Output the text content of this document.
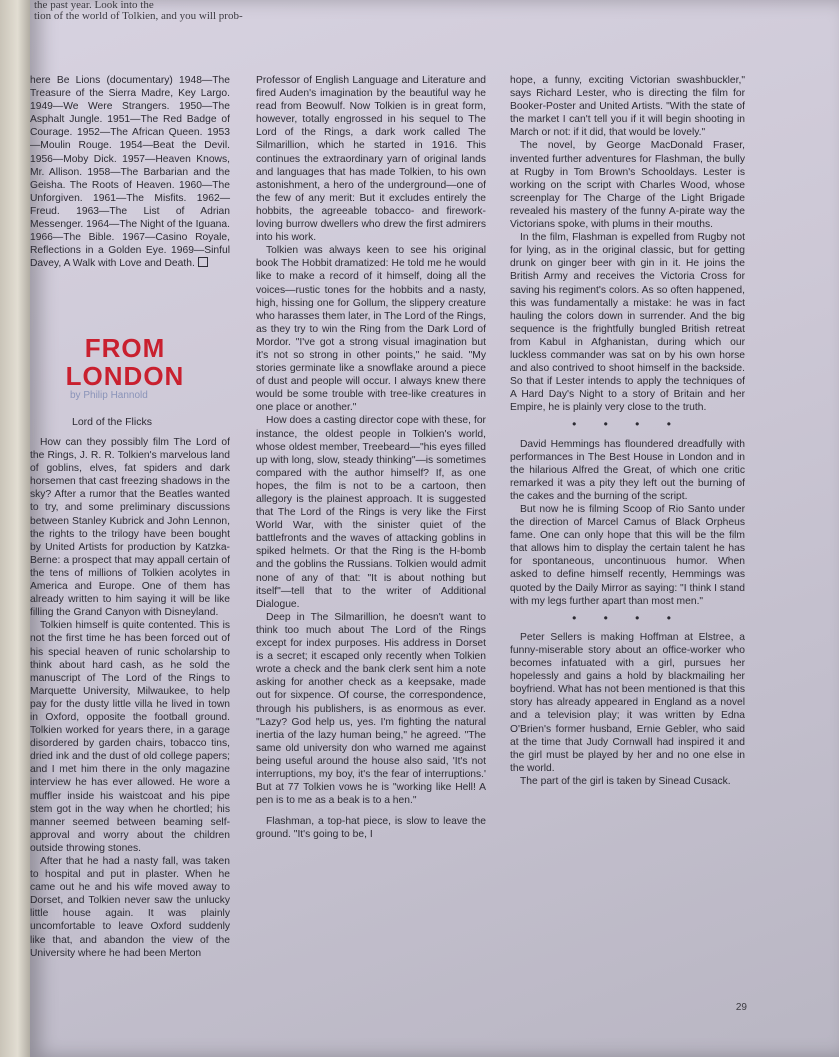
the past year. Look into the
tion of the world of Tolkien, and you will prob-

here Be Lions (documentary) 1948—The Treasure of the Sierra Madre, Key Largo. 1949—We Were Strangers. 1950—The Asphalt Jungle. 1951—The Red Badge of Courage. 1952—The African Queen. 1953—Moulin Rouge. 1954—Beat the Devil. 1956—Moby Dick. 1957—Heaven Knows, Mr. Allison. 1958—The Barbarian and the Geisha. The Roots of Heaven. 1960—The Unforgiven. 1961—The Misfits. 1962—Freud. 1963—The List of Adrian Messenger. 1964—The Night of the Iguana. 1966—The Bible. 1967—Casino Royale, Reflections in a Golden Eye. 1969—Sinful Davey, A Walk with Love and Death.

FROM
LONDON
by Philip Hannold
Lord of the Flicks

How can they possibly film The Lord of the Rings, J. R. R. Tolkien's marvelous land of goblins, elves, fat spiders and dark horsemen that cast freezing shadows in the sky? After a rumor that the Beatles wanted to try, and some preliminary discussions between Stanley Kubrick and John Lennon, the rights to the trilogy have been bought by United Artists for production by Katzka-Berne: a prospect that may appall certain of the tens of millions of Tolkien acolytes in America and Europe. One of them has already written to him saying it will be like filling the Grand Canyon with Disneyland.

Tolkien himself is quite contented. This is not the first time he has been forced out of his special heaven of runic scholarship to think about hard cash, as he sold the manuscript of The Lord of the Rings to Marquette University, Milwaukee, to help pay for the dusty little villa he lived in town in Oxford, opposite the football ground. Tolkien worked for years there, in a garage disordered by garden chairs, tobacco tins, dried ink and the dust of old college papers; and I met him there in the only magazine interview he has ever allowed. He wore a muffler inside his waistcoat and his pipe stem got in the way when he chortled; his manner seemed between beaming self-approval and worry about the children outside throwing stones.

After that he had a nasty fall, was taken to hospital and put in plaster. When he came out he and his wife moved away to Dorset, and Tolkien never saw the unlucky little house again. It was plainly uncomfortable to leave Oxford suddenly like that, and abandon the view of the University where he had been Merton

Professor of English Language and Literature and fired Auden's imagination by the beautiful way he read from Beowulf. Now Tolkien is in great form, however, totally engrossed in his sequel to The Lord of the Rings, a dark work called The Silmarillion, which he started in 1916. This continues the extraordinary yarn of original lands and languages that has made Tolkien, to his own astonishment, a hero of the underground—one of the few of any merit: But it excludes entirely the hobbits, the agreeable tobacco- and firework-loving burrow dwellers who drew the first admirers into his work.

Tolkien was always keen to see his original book The Hobbit dramatized: He told me he would like to make a record of it himself, doing all the voices—rustic tones for the hobbits and a nasty, high, hissing one for Gollum, the slippery creature who harasses them later, in The Lord of the Rings, as they try to win the Ring from the Dark Lord of Mordor. "I've got a strong visual imagination but it's not so strong in other points," he said. "My stories germinate like a snowflake around a piece of dust and people will occur. I always knew there would be some trouble with tree-like creatures in one place or another."

How does a casting director cope with these, for instance, the oldest people in Tolkien's world, whose oldest member, Treebeard—"his eyes filled up with long, slow, steady thinking"—is sometimes compared with the author himself? If, as one hopes, the film is not to be a cartoon, then allegory is the plainest approach. It is suggested that The Lord of the Rings is very like the First World War, with the sinister quiet of the battlefronts and the waves of attacking goblins in spiked helmets. Or that the Ring is the H-bomb and the goblins the Russians. Tolkien would admit none of any of that: "It is about nothing but itself"—tell that to the writer of Additional Dialogue.

Deep in The Silmarillion, he doesn't want to think too much about The Lord of the Rings except for index purposes. His address in Dorset is a secret; it escaped only recently when Tolkien wrote a check and the bank clerk sent him a note asking for another check as a keepsake, made out for sixpence. Of course, the correspondence, through his publishers, is as enormous as ever. "Lazy? God help us, yes. I'm fighting the natural inertia of the lazy human being," he agreed. "The same old university don who warned me against being useful around the house also said, 'It's not interruptions, my boy, it's the fear of interruptions.' But at 77 Tolkien vows he is "working like Hell! A pen is to me as a beak is to a hen."

Flashman, a top-hat piece, is slow to leave the ground. "It's going to be, I

hope, a funny, exciting Victorian swashbuckler," says Richard Lester, who is directing the film for Booker-Poster and United Artists. "With the state of the market I can't tell you if it will begin shooting in March or not: if it did, that would be lovely."

The novel, by George MacDonald Fraser, invented further adventures for Flashman, the bully at Rugby in Tom Brown's Schooldays. Lester is working on the script with Charles Wood, whose screenplay for The Charge of the Light Brigade revealed his mastery of the funny A-pirate way the Victorians spoke, with plums in their mouths.

In the film, Flashman is expelled from Rugby not for lying, as in the original classic, but for getting drunk on ginger beer with gin in it. He joins the British Army and receives the Victoria Cross for saving his regiment's colors. As so often happened, this was fundamentally a mistake: he was in fact hauling the colors down in surrender. And the big sequence is the frightfully bungled British retreat from Kabul in Afghanistan, during which our luckless commander was sat on by his own horse and also contrived to shoot himself in the backside. So that if Lester intends to apply the techniques of A Hard Day's Night to a story of Britain and her Empire, he is plainly very close to the truth.

• • • •

David Hemmings has floundered dreadfully with performances in The Best House in London and in the hilarious Alfred the Great, of which one critic remarked it was a pity they left out the burning of the cakes and the burning of the script.

But now he is filming Scoop of Rio Santo under the direction of Marcel Camus of Black Orpheus fame. One can only hope that this will be the film that allows him to display the certain talent he has for spontaneous, uncontinuous humor. When asked to define himself recently, Hemmings was quoted by the Daily Mirror as saying: "I think I stand with my legs further apart than most men."

• • • •

Peter Sellers is making Hoffman at Elstree, a funny-miserable story about an office-worker who becomes infatuated with a girl, pursues her hopelessly and gains a hold by blackmailing her boyfriend. What has not been mentioned is that this story has already appeared in England as a novel and a television play; it was written by Edna O'Brien's former husband, Ernie Gebler, who said at the time that Judy Cornwall had inspired it and the girl must be played by her and no one else in the world.

The part of the girl is taken by Sinead Cusack.

29
